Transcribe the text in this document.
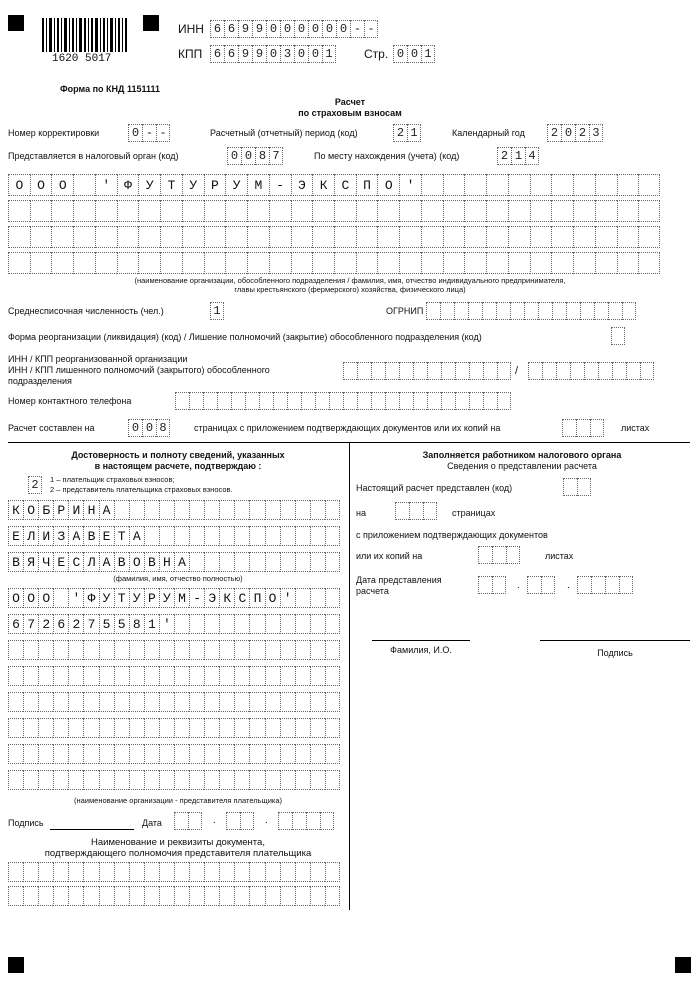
1620 5017
ИНН 6 6 9 9 0 0 0 0 0 0 - -
КПП 6 6 9 9 0 3 0 0 1	Стр. 0 0 1
Форма по КНД 1151111
Расчет
по страховым взносам
Номер корректировки	0 - -	Расчетный (отчетный) период (код)	2 1	Календарный год	2 0 2 3
Представляется в налоговый орган (код)	0 0 8 7	По месту нахождения (учета) (код)	2 1 4
О	О	О	'	Ф	У	Т	У	Р	У	М	-	Э	К	С	П	О	'
(наименование организации, обособленного подразделения / фамилия, имя, отчество индивидуального предпринимателя,
главы крестьянского (фермерского) хозяйства, физического лица)
Среднесписочная численность (чел.)	1	ОГРНИП
Форма реорганизации (ликвидация) (код) / Лишение полномочий (закрытие) обособленного подразделения (код)
ИНН / КПП реорганизованной организации
ИНН / КПП лишенного полномочий (закрытого) обособленного
подразделения
/
Номер контактного телефона
Расчет составлен на	0 0 8	страницах с приложением подтверждающих документов или их копий на	листах
Достоверность и полноту сведений, указанных
в настоящем расчете, подтверждаю :
2	1 – плательщик страховых взносов;
2 – представитель плательщика страховых взносов.
К О Б Р И Н А
Е Л И З А В Е Т А
В Я Ч Е С Л А В О В Н А
(фамилия, имя, отчество полностью)
О О О	' Ф У Т У Р У М - Э К С П О '
6 7 2 6 2 7 5 5 8 1 '
(наименование организации - представителя плательщика)
Подпись	Дата	.	.
Наименование и реквизиты документа,
подтверждающего полномочия представителя плательщика
Заполняется работником налогового органа
Сведения о представлении расчета
Настоящий расчет представлен (код)
на	страницах
с приложением подтверждающих документов
или их копий на	листах
Дата представления
расчета	.	.
Фамилия, И.О.	Подпись
